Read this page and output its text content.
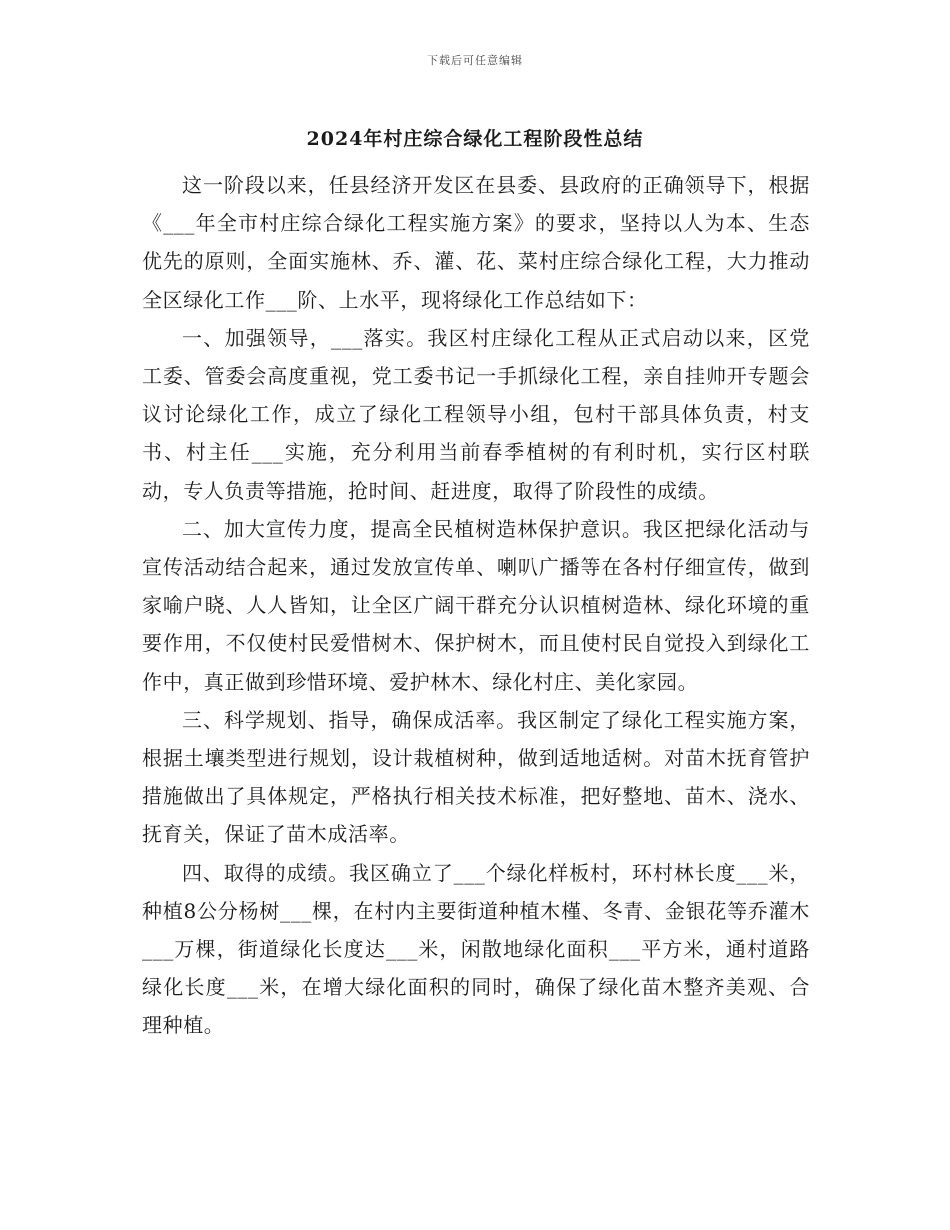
下载后可任意编辑
2024年村庄综合绿化工程阶段性总结

这一阶段以来，任县经济开发区在县委、县政府的正确领导下，根据《___年全市村庄综合绿化工程实施方案》的要求，坚持以人为本、生态优先的原则，全面实施林、乔、灌、花、菜村庄综合绿化工程，大力推动全区绿化工作___阶、上水平，现将绿化工作总结如下：

一、加强领导，___落实。我区村庄绿化工程从正式启动以来，区党工委、管委会高度重视，党工委书记一手抓绿化工程，亲自挂帅开专题会议讨论绿化工作，成立了绿化工程领导小组，包村干部具体负责，村支书、村主任___实施，充分利用当前春季植树的有利时机，实行区村联动，专人负责等措施，抢时间、赶进度，取得了阶段性的成绩。

二、加大宣传力度，提高全民植树造林保护意识。我区把绿化活动与宣传活动结合起来，通过发放宣传单、喇叭广播等在各村仔细宣传，做到家喻户晓、人人皆知，让全区广阔干群充分认识植树造林、绿化环境的重要作用，不仅使村民爱惜树木、保护树木，而且使村民自觉投入到绿化工作中，真正做到珍惜环境、爱护林木、绿化村庄、美化家园。

三、科学规划、指导，确保成活率。我区制定了绿化工程实施方案，根据土壤类型进行规划，设计栽植树种，做到适地适树。对苗木抚育管护措施做出了具体规定，严格执行相关技术标准，把好整地、苗木、浇水、抚育关，保证了苗木成活率。

四、取得的成绩。我区确立了___个绿化样板村，环村林长度___米，种植8公分杨树___棵，在村内主要街道种植木槿、冬青、金银花等乔灌木___万棵，街道绿化长度达___米，闲散地绿化面积___平方米，通村道路绿化长度___米，在增大绿化面积的同时，确保了绿化苗木整齐美观、合理种植。
